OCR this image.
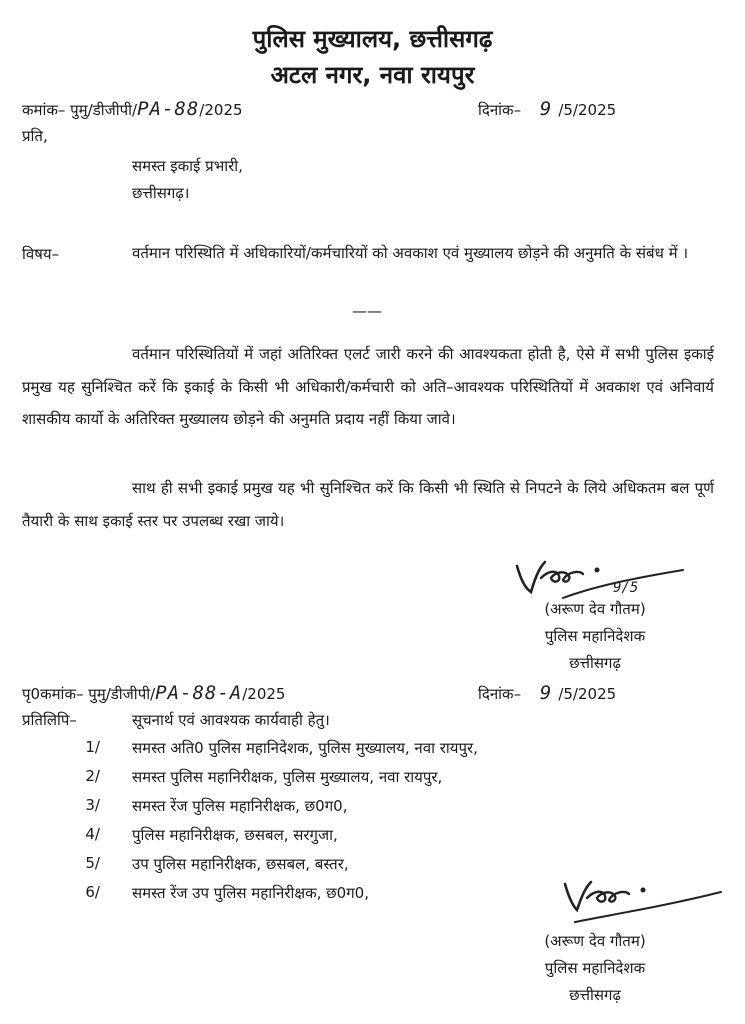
पुलिस मुख्यालय, छत्तीसगढ़
अटल नगर, नवा रायपुर
कमांक– पुमु/डीजीपी/PA-88/2025	दिनांक– 9 /5/2025
प्रति,
समस्त इकाई प्रभारी,
छत्तीसगढ़।
विषय–	वर्तमान परिस्थिति में अधिकारियों/कर्मचारियों को अवकाश एवं मुख्यालय छोड़ने की अनुमति के संबंध में ।

——

वर्तमान परिस्थितियों में जहां अतिरिक्त एलर्ट जारी करने की आवश्यकता होती है, ऐसे में सभी पुलिस इकाई प्रमुख यह सुनिश्चित करें कि इकाई के किसी भी अधिकारी/कर्मचारी को अति–आवश्यक परिस्थितियों में अवकाश एवं अनिवार्य शासकीय कार्यो के अतिरिक्त मुख्यालय छोड़ने की अनुमति प्रदाय नहीं किया जावे।

साथ ही सभी इकाई प्रमुख यह भी सुनिश्चित करें कि किसी भी स्थिति से निपटने के लिये अधिकतम बल पूर्ण तैयारी के साथ इकाई स्तर पर उपलब्ध रखा जाये।

9/5
(अरूण देव गौतम)
पुलिस महानिदेशक
छत्तीसगढ़
पृ0कमांक– पुमु/डीजीपी/PA-88-A/2025	दिनांक– 9 /5/2025
प्रतिलिपि–	सूचनार्थ एवं आवश्यक कार्यवाही हेतु।
1/ समस्त अति0 पुलिस महानिदेशक, पुलिस मुख्यालय, नवा रायपुर,
2/ समस्त पुलिस महानिरीक्षक, पुलिस मुख्यालय, नवा रायपुर,
3/ समस्त रेंज पुलिस महानिरीक्षक, छ0ग0,
4/ पुलिस महानिरीक्षक, छसबल, सरगुजा,
5/ उप पुलिस महानिरीक्षक, छसबल, बस्तर,
6/ समस्त रेंज उप पुलिस महानिरीक्षक, छ0ग0,
(अरूण देव गौतम)
पुलिस महानिदेशक
छत्तीसगढ़
